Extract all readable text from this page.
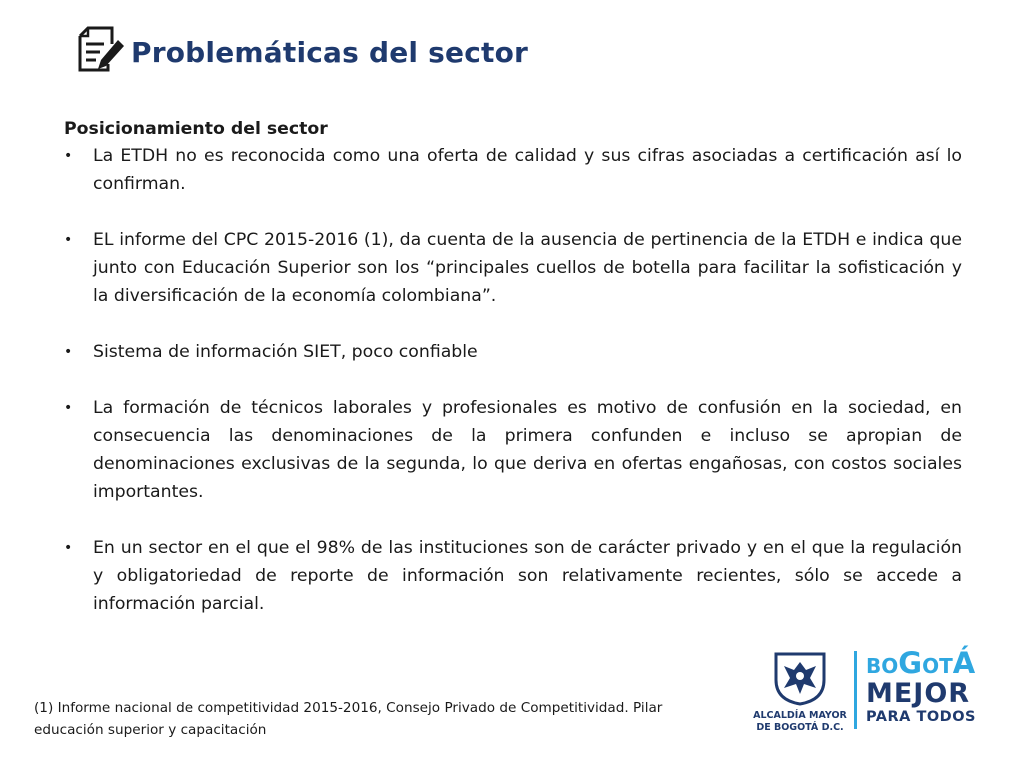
Problemáticas del sector
Posicionamiento del sector
• La ETDH no es reconocida como una oferta de calidad y sus cifras asociadas a certificación así lo confirman.
• EL informe del CPC 2015-2016 (1), da cuenta de la ausencia de pertinencia de la ETDH e indica que junto con Educación Superior son los “principales cuellos de botella para facilitar la sofisticación y la diversificación de la economía colombiana”.
• Sistema de información SIET, poco confiable
• La formación de técnicos laborales y profesionales es motivo de confusión en la sociedad, en consecuencia las denominaciones de la primera confunden e incluso se apropian de denominaciones exclusivas de la segunda, lo que deriva en ofertas engañosas, con costos sociales importantes.
• En un sector en el que el 98% de las instituciones son de carácter privado y en el que la regulación y obligatoriedad de reporte de información son relativamente recientes, sólo se accede a información parcial.

(1) Informe nacional de competitividad 2015-2016, Consejo Privado de Competitividad. Pilar
educación superior y capacitación

ALCALDÍA MAYOR
DE BOGOTÁ D.C.
BOGOTÁ
MEJOR
PARA TODOS
